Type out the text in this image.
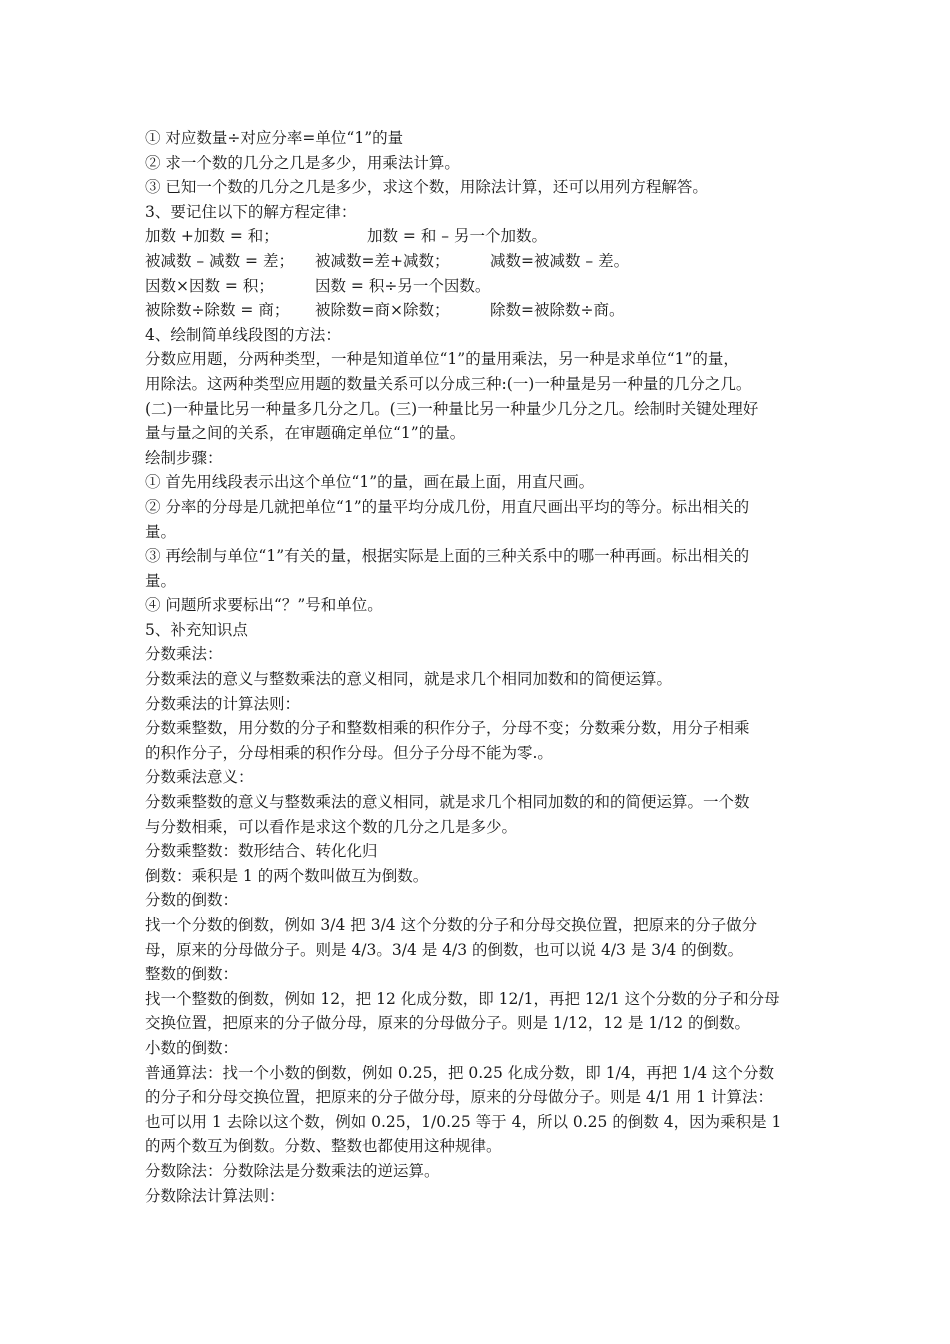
① 对应数量÷对应分率=单位“1”的量
② 求一个数的几分之几是多少，用乘法计算。
③ 已知一个数的几分之几是多少，求这个数，用除法计算，还可以用列方程解答。
3、要记住以下的解方程定律：
加数 +加数 = 和；	加数 = 和 – 另一个加数。
被减数 – 减数 = 差； 被减数=差+减数；	减数=被减数 – 差。
因数×因数 = 积；	因数 = 积÷另一个因数。
被除数÷除数 = 商； 被除数=商×除数；	除数=被除数÷商。
4、绘制简单线段图的方法：
分数应用题，分两种类型，一种是知道单位“1”的量用乘法，另一种是求单位“1”的量，
用除法。这两种类型应用题的数量关系可以分成三种:(一)一种量是另一种量的几分之几。
(二)一种量比另一种量多几分之几。(三)一种量比另一种量少几分之几。绘制时关键处理好
量与量之间的关系，在审题确定单位“1”的量。
绘制步骤：
① 首先用线段表示出这个单位“1”的量，画在最上面，用直尺画。
② 分率的分母是几就把单位“1”的量平均分成几份，用直尺画出平均的等分。标出相关的
量。
③ 再绘制与单位“1”有关的量，根据实际是上面的三种关系中的哪一种再画。标出相关的
量。
④ 问题所求要标出“？”号和单位。
5、补充知识点
分数乘法：
分数乘法的意义与整数乘法的意义相同，就是求几个相同加数和的简便运算。
分数乘法的计算法则：
分数乘整数，用分数的分子和整数相乘的积作分子，分母不变；分数乘分数，用分子相乘
的积作分子，分母相乘的积作分母。但分子分母不能为零.。
分数乘法意义：
分数乘整数的意义与整数乘法的意义相同，就是求几个相同加数的和的简便运算。一个数
与分数相乘，可以看作是求这个数的几分之几是多少。
分数乘整数：数形结合、转化化归
倒数：乘积是 1 的两个数叫做互为倒数。
分数的倒数：
找一个分数的倒数，例如 3/4 把 3/4 这个分数的分子和分母交换位置，把原来的分子做分
母，原来的分母做分子。则是 4/3。3/4 是 4/3 的倒数，也可以说 4/3 是 3/4 的倒数。
整数的倒数：
找一个整数的倒数，例如 12，把 12 化成分数，即 12/1，再把 12/1 这个分数的分子和分母
交换位置，把原来的分子做分母，原来的分母做分子。则是 1/12，12 是 1/12 的倒数。
小数的倒数：
普通算法：找一个小数的倒数，例如 0.25，把 0.25 化成分数，即 1/4，再把 1/4 这个分数
的分子和分母交换位置，把原来的分子做分母，原来的分母做分子。则是 4/1 用 1 计算法：
也可以用 1 去除以这个数，例如 0.25，1/0.25 等于 4，所以 0.25 的倒数 4，因为乘积是 1
的两个数互为倒数。分数、整数也都使用这种规律。
分数除法：分数除法是分数乘法的逆运算。
分数除法计算法则：
